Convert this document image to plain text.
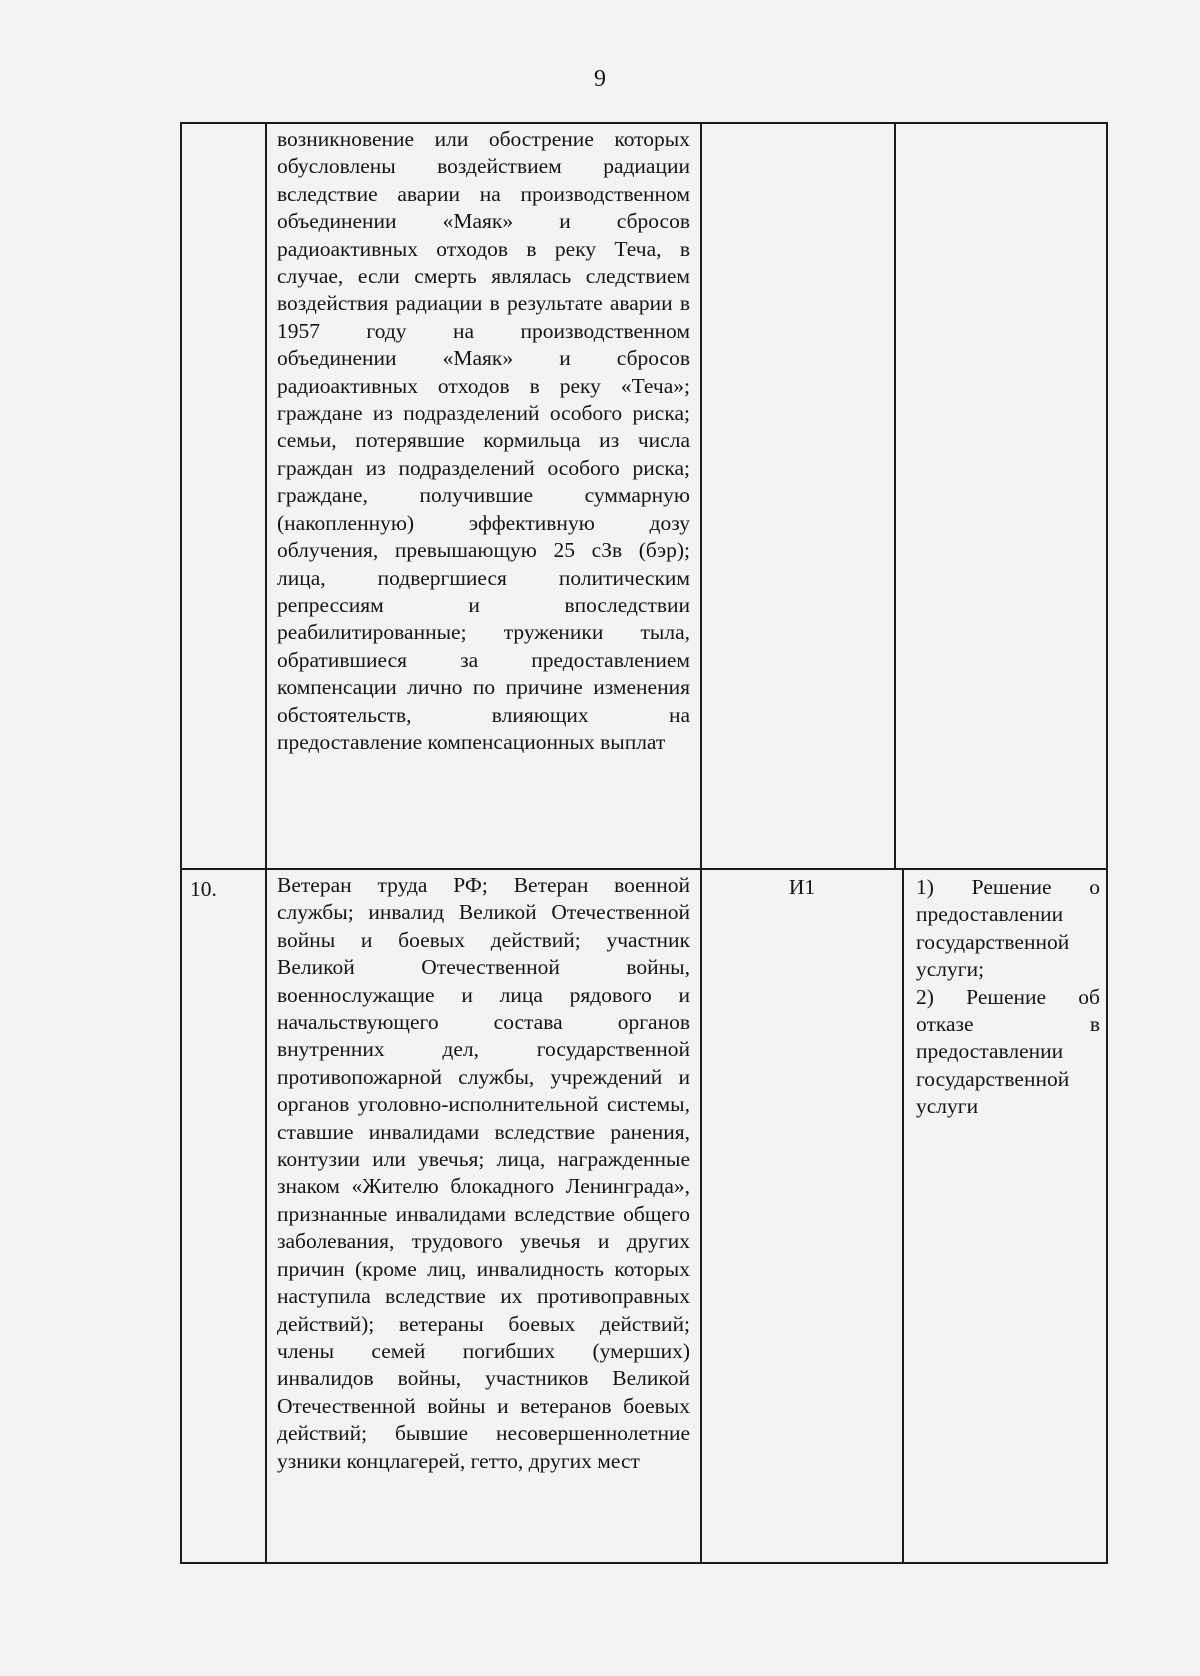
9
возникновение или обострение которых обусловлены воздействием радиации вследствие аварии на производственном объединении «Маяк» и сбросов радиоактивных отходов в реку Теча, в случае, если смерть являлась следствием воздействия радиации в результате аварии в 1957 году на производственном объединении «Маяк» и сбросов радиоактивных отходов в реку «Теча»; граждане из подразделений особого риска; семьи, потерявшие кормильца из числа граждан из подразделений особого риска; граждане, получившие суммарную (накопленную) эффективную дозу облучения, превышающую 25 сЗв (бэр); лица, подвергшиеся политическим репрессиям и впоследствии реабилитированные; труженики тыла, обратившиеся за предоставлением компенсации лично по причине изменения обстоятельств, влияющих на предоставление компенсационных выплат
10.	Ветеран труда РФ; Ветеран военной службы; инвалид Великой Отечественной войны и боевых действий; участник Великой Отечественной войны, военнослужащие и лица рядового и начальствующего состава органов внутренних дел, государственной противопожарной службы, учреждений и органов уголовно-исполнительной системы, ставшие инвалидами вследствие ранения, контузии или увечья; лица, награжденные знаком «Жителю блокадного Ленинграда», признанные инвалидами вследствие общего заболевания, трудового увечья и других причин (кроме лиц, инвалидность которых наступила вследствие их противоправных действий); ветераны боевых действий; члены семей погибших (умерших) инвалидов войны, участников Великой Отечественной войны и ветеранов боевых действий; бывшие несовершеннолетние узники концлагерей, гетто, других мест
И1	1) Решение о предоставлении государственной услуги;
2) Решение об отказе в предоставлении государственной услуги
